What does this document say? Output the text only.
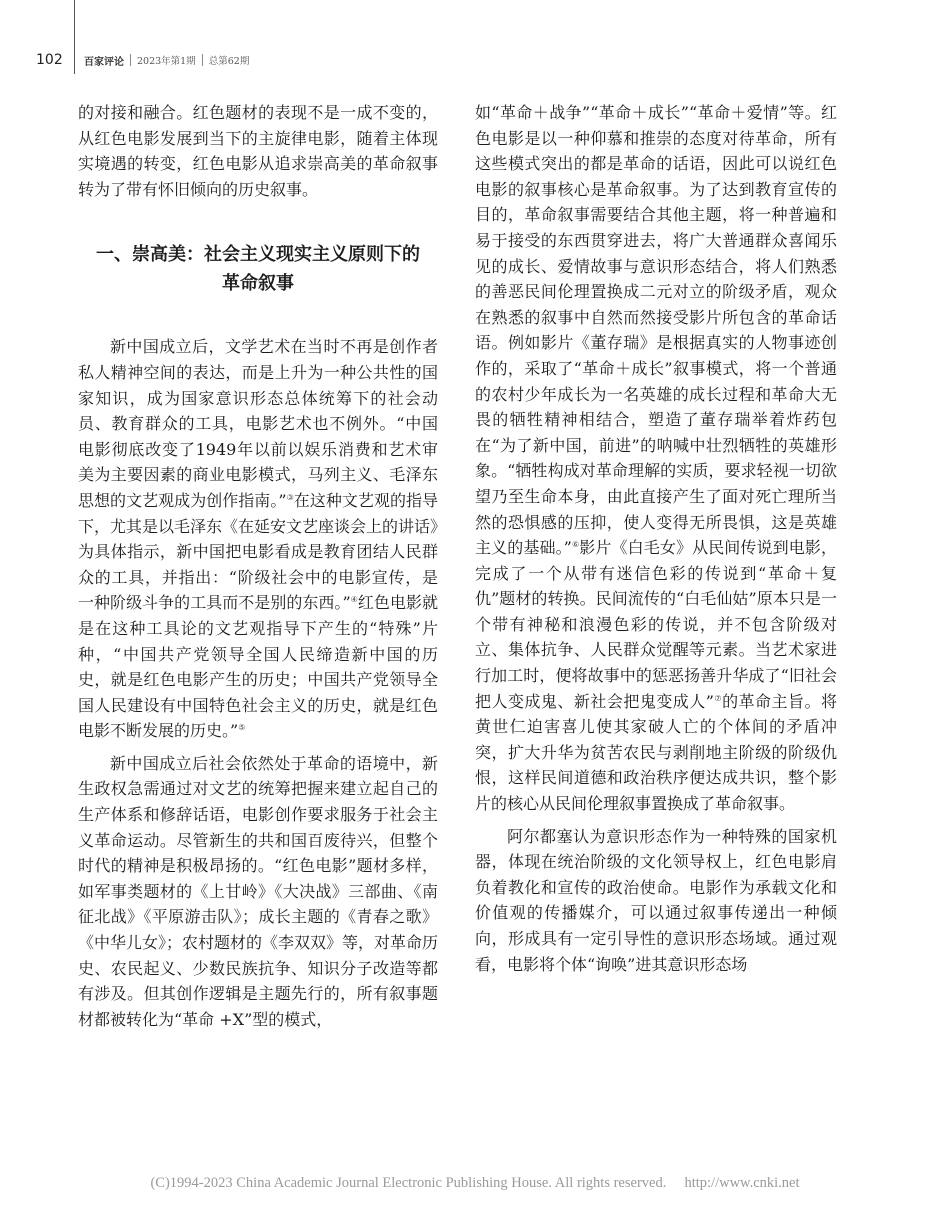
102	百家评论 2023年第1期 总第62期

的对接和融合。红色题材的表现不是一成不变的，从红色电影发展到当下的主旋律电影，随着主体现实境遇的转变，红色电影从追求崇高美的革命叙事转为了带有怀旧倾向的历史叙事。

一、崇高美：社会主义现实主义原则下的
革命叙事

新中国成立后，文学艺术在当时不再是创作者私人精神空间的表达，而是上升为一种公共性的国家知识，成为国家意识形态总体统筹下的社会动员、教育群众的工具，电影艺术也不例外。“中国电影彻底改变了1949年以前以娱乐消费和艺术审美为主要因素的商业电影模式，马列主义、毛泽东思想的文艺观成为创作指南。”③在这种文艺观的指导下，尤其是以毛泽东《在延安文艺座谈会上的讲话》为具体指示，新中国把电影看成是教育团结人民群众的工具，并指出：“阶级社会中的电影宣传，是一种阶级斗争的工具而不是别的东西。”④红色电影就是在这种工具论的文艺观指导下产生的“特殊”片种，“中国共产党领导全国人民缔造新中国的历史，就是红色电影产生的历史；中国共产党领导全国人民建设有中国特色社会主义的历史，就是红色电影不断发展的历史。”⑤

新中国成立后社会依然处于革命的语境中，新生政权急需通过对文艺的统筹把握来建立起自己的生产体系和修辞话语，电影创作要求服务于社会主义革命运动。尽管新生的共和国百废待兴，但整个时代的精神是积极昂扬的。“红色电影”题材多样，如军事类题材的《上甘岭》《大决战》三部曲、《南征北战》《平原游击队》；成长主题的《青春之歌》《中华儿女》；农村题材的《李双双》等，对革命历史、农民起义、少数民族抗争、知识分子改造等都有涉及。但其创作逻辑是主题先行的，所有叙事题材都被转化为“革命 +X”型的模式，

如“革命＋战争”“革命＋成长”“革命＋爱情”等。红色电影是以一种仰慕和推崇的态度对待革命，所有这些模式突出的都是革命的话语，因此可以说红色电影的叙事核心是革命叙事。为了达到教育宣传的目的，革命叙事需要结合其他主题，将一种普遍和易于接受的东西贯穿进去，将广大普通群众喜闻乐见的成长、爱情故事与意识形态结合，将人们熟悉的善恶民间伦理置换成二元对立的阶级矛盾，观众在熟悉的叙事中自然而然接受影片所包含的革命话语。例如影片《董存瑞》是根据真实的人物事迹创作的，采取了“革命＋成长”叙事模式，将一个普通的农村少年成长为一名英雄的成长过程和革命大无畏的牺牲精神相结合，塑造了董存瑞举着炸药包在“为了新中国，前进”的呐喊中壮烈牺牲的英雄形象。“牺牲构成对革命理解的实质，要求轻视一切欲望乃至生命本身，由此直接产生了面对死亡理所当然的恐惧感的压抑，使人变得无所畏惧，这是英雄主义的基础。”⑥影片《白毛女》从民间传说到电影，完成了一个从带有迷信色彩的传说到“革命＋复仇”题材的转换。民间流传的“白毛仙姑”原本只是一个带有神秘和浪漫色彩的传说，并不包含阶级对立、集体抗争、人民群众觉醒等元素。当艺术家进行加工时，便将故事中的惩恶扬善升华成了“旧社会把人变成鬼、新社会把鬼变成人”⑦的革命主旨。将黄世仁迫害喜儿使其家破人亡的个体间的矛盾冲突，扩大升华为贫苦农民与剥削地主阶级的阶级仇恨，这样民间道德和政治秩序便达成共识，整个影片的核心从民间伦理叙事置换成了革命叙事。

阿尔都塞认为意识形态作为一种特殊的国家机器，体现在统治阶级的文化领导权上，红色电影肩负着教化和宣传的政治使命。电影作为承载文化和价值观的传播媒介，可以通过叙事传递出一种倾向，形成具有一定引导性的意识形态场域。通过观看，电影将个体“询唤”进其意识形态场

(C)1994-2023 China Academic Journal Electronic Publishing House. All rights reserved. http://www.cnki.net
